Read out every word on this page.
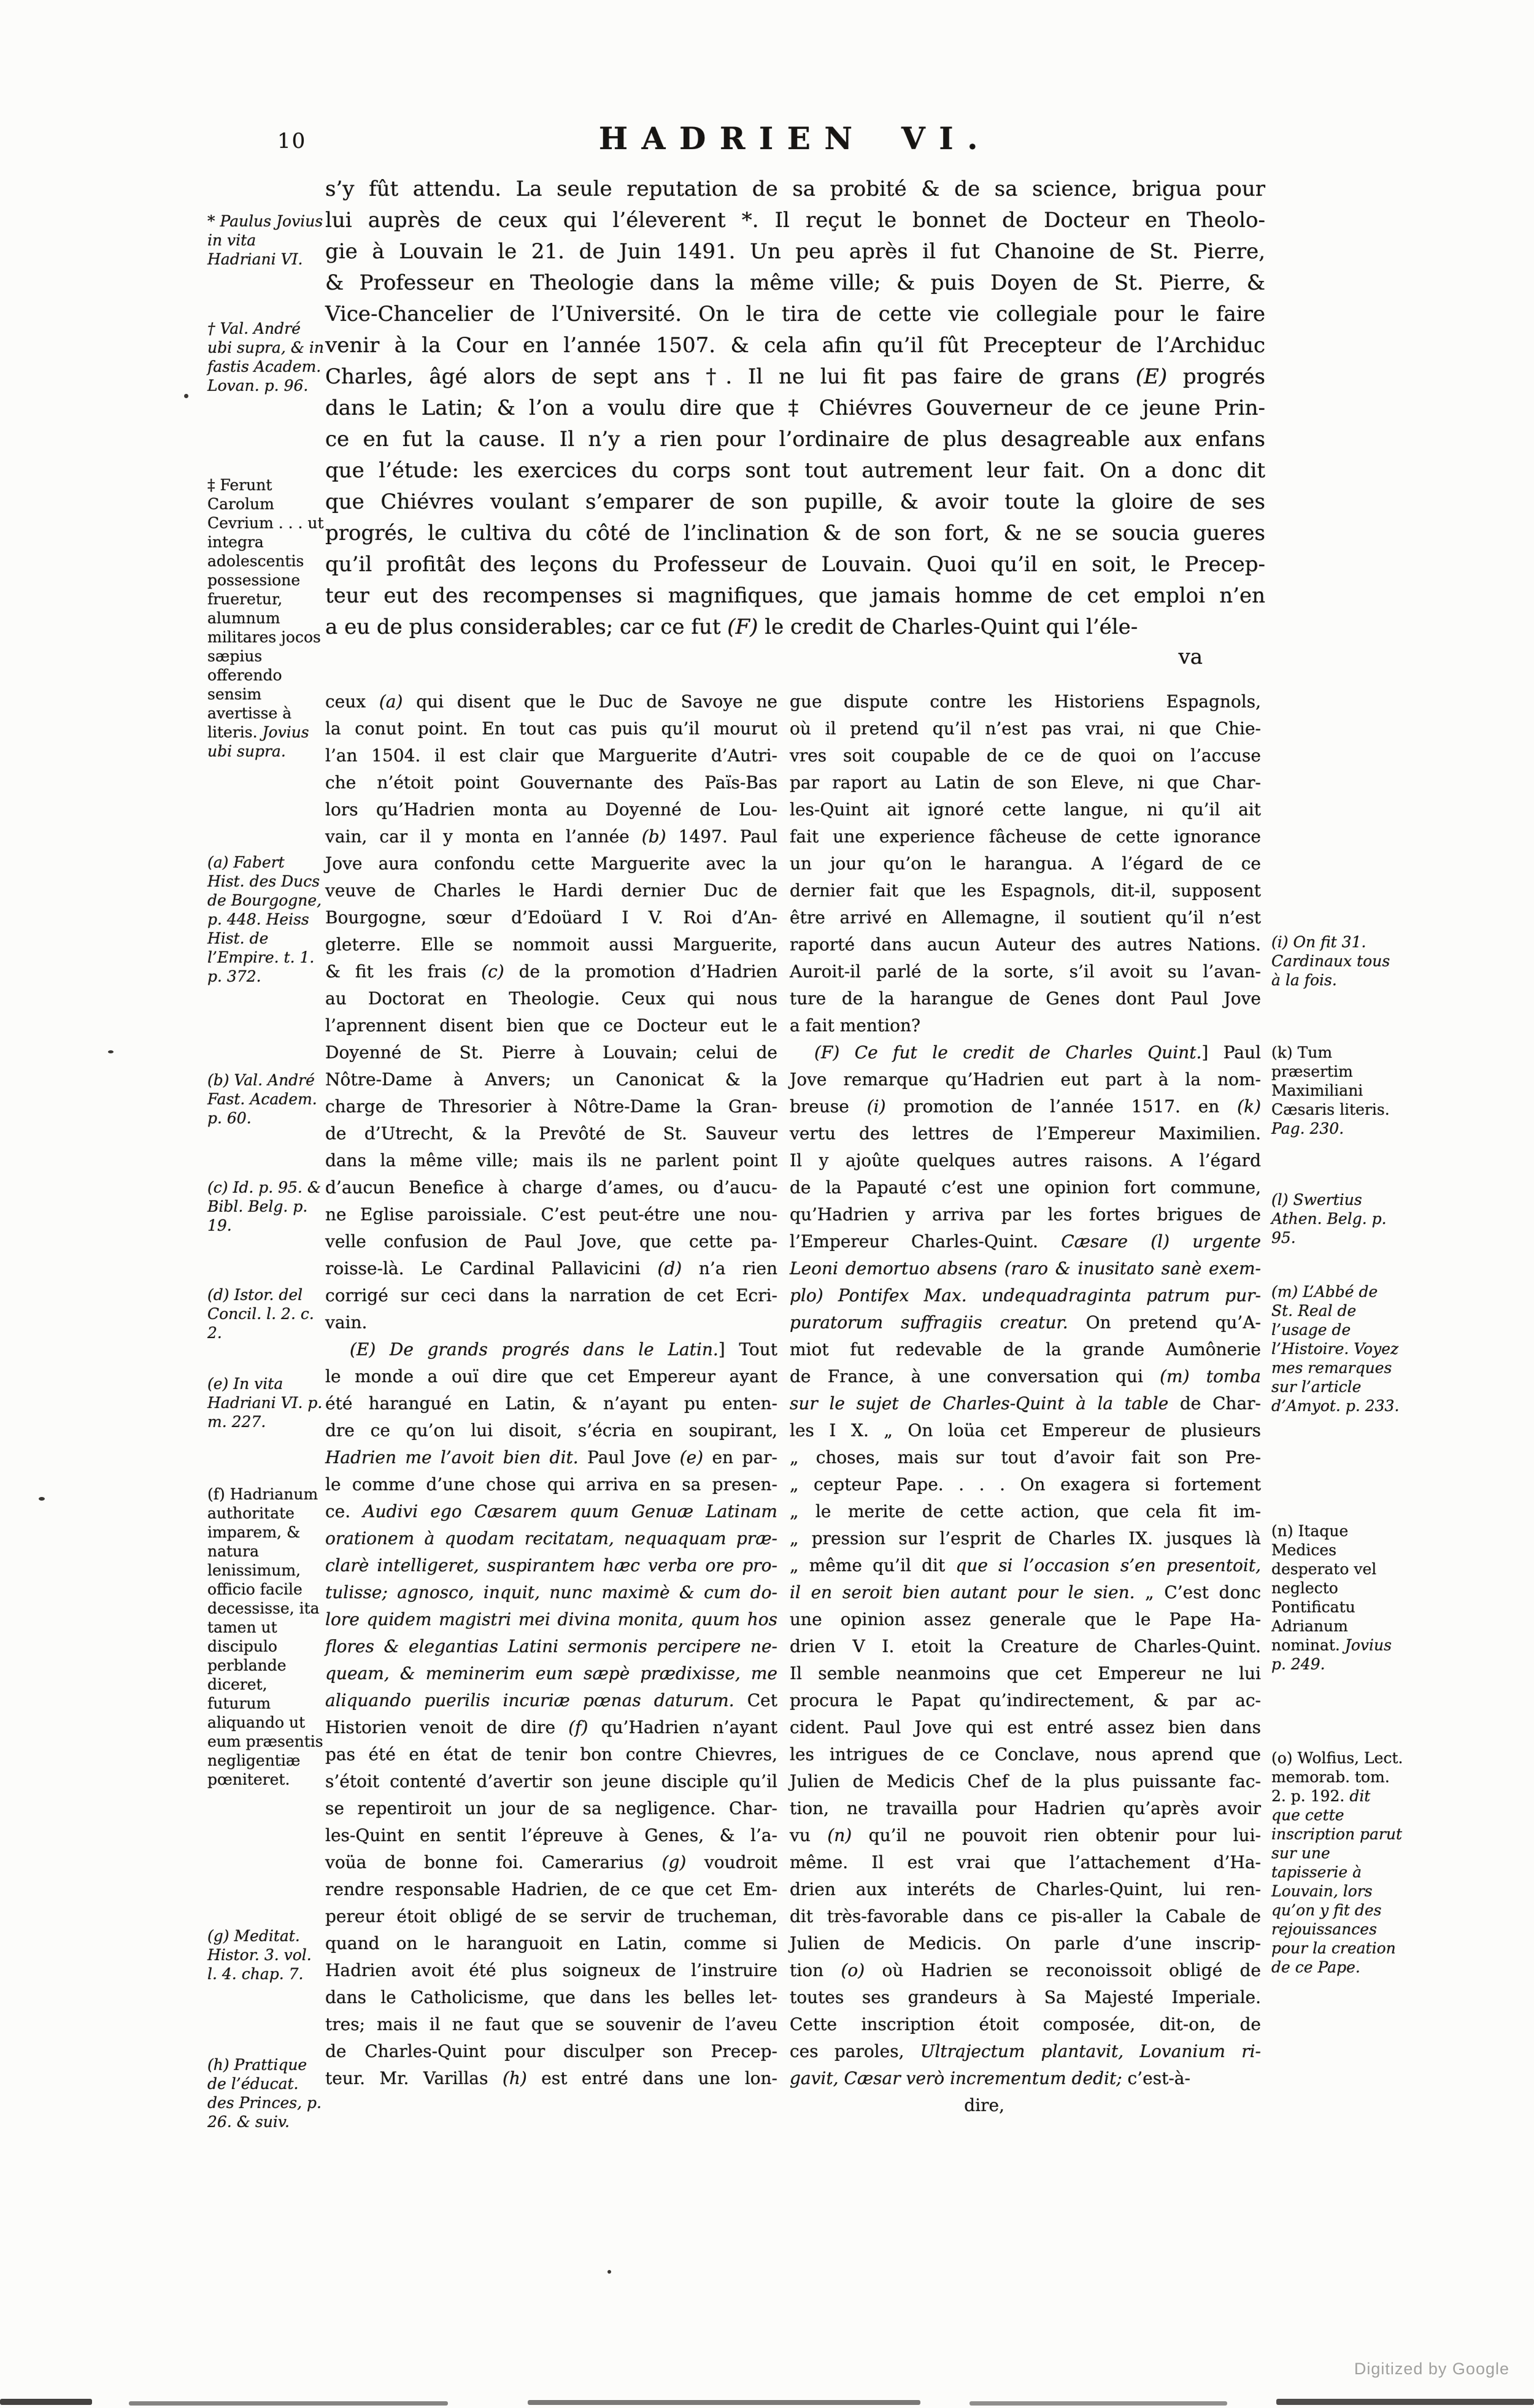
10	HADRIEN VI.
s’y fût attendu. La seule reputation de sa probité & de sa science, brigua pour
lui auprès de ceux qui l’éleverent *. Il reçut le bonnet de Docteur en Theolo-
gie à Louvain le 21. de Juin 1491. Un peu après il fut Chanoine de St. Pierre,
& Professeur en Theologie dans la même ville; & puis Doyen de St. Pierre, &
Vice-Chancelier de l’Université. On le tira de cette vie collegiale pour le faire
venir à la Cour en l’année 1507. & cela afin qu’il fût Precepteur de l’Archiduc
Charles, âgé alors de sept ans †. Il ne lui fit pas faire de grans (E) progrés
dans le Latin; & l’on a voulu dire que ‡ Chiévres Gouverneur de ce jeune Prin-
ce en fut la cause. Il n’y a rien pour l’ordinaire de plus desagreable aux enfans
que l’étude: les exercices du corps sont tout autrement leur fait. On a donc dit
que Chiévres voulant s’emparer de son pupille, & avoir toute la gloire de ses
progrés, le cultiva du côté de l’inclination & de son fort, & ne se soucia gueres
qu’il profitât des leçons du Professeur de Louvain. Quoi qu’il en soit, le Precep-
teur eut des recompenses si magnifiques, que jamais homme de cet emploi n’en
a eu de plus considerables; car ce fut (F) le credit de Charles-Quint qui l’éle-
va
* Paulus Jovius in vita Hadriani VI.
† Val. André ubi supra, & in fastis Academ. Lovan. p. 96.
‡ Ferunt Carolum Cevrium . . . ut integra adolescentis possessione frueretur, alumnum militares jocos sæpius offerendo sensim avertisse à literis. Jovius ubi supra.
(a) Fabert Hist. des Ducs de Bourgogne, p. 448. Heiss Hist. de l’Empire. t. 1. p. 372.
(b) Val. André Fast. Academ. p. 60.
(c) Id. p. 95. & Bibl. Belg. p. 19.
(d) Istor. del Concil. l. 2. c. 2.
(e) In vita Hadriani VI. p. m. 227.
(f) Hadrianum authoritate imparem, & natura lenissimum, officio facile decessisse, ita tamen ut discipulo perblande diceret, futurum aliquando ut eum præsentis negligentiæ pœniteret.
(g) Meditat. Histor. 3. vol. l. 4. chap. 7.
(h) Prattique de l’éducat. des Princes, p. 26. & suiv.
ceux (a) qui disent que le Duc de Savoye ne
la conut point. En tout cas puis qu’il mourut
l’an 1504. il est clair que Marguerite d’Autri-
che n’étoit point Gouvernante des Païs-Bas
lors qu’Hadrien monta au Doyenné de Lou-
vain, car il y monta en l’année (b) 1497. Paul
Jove aura confondu cette Marguerite avec la
veuve de Charles le Hardi dernier Duc de
Bourgogne, sœur d’Edoüard I V. Roi d’An-
gleterre. Elle se nommoit aussi Marguerite,
& fit les frais (c) de la promotion d’Hadrien
au Doctorat en Theologie. Ceux qui nous
l’aprennent disent bien que ce Docteur eut le
Doyenné de St. Pierre à Louvain; celui de
Nôtre-Dame à Anvers; un Canonicat & la
charge de Thresorier à Nôtre-Dame la Gran-
de d’Utrecht, & la Prevôté de St. Sauveur
dans la même ville; mais ils ne parlent point
d’aucun Benefice à charge d’ames, ou d’aucu-
ne Eglise paroissiale. C’est peut-étre une nou-
velle confusion de Paul Jove, que cette pa-
roisse-là. Le Cardinal Pallavicini (d) n’a rien
corrigé sur ceci dans la narration de cet Ecri-
vain.
(E) De grands progrés dans le Latin.] Tout
le monde a ouï dire que cet Empereur ayant
été harangué en Latin, & n’ayant pu enten-
dre ce qu’on lui disoit, s’écria en soupirant,
Hadrien me l’avoit bien dit. Paul Jove (e) en par-
le comme d’une chose qui arriva en sa presen-
ce. Audivi ego Cæsarem quum Genuæ Latinam
orationem à quodam recitatam, nequaquam præ-
clarè intelligeret, suspirantem hæc verba ore pro-
tulisse; agnosco, inquit, nunc maximè & cum do-
lore quidem magistri mei divina monita, quum hos
flores & elegantias Latini sermonis percipere ne-
queam, & meminerim eum sæpè prædixisse, me
aliquando puerilis incuriæ pœnas daturum. Cet
Historien venoit de dire (f) qu’Hadrien n’ayant
pas été en état de tenir bon contre Chievres,
s’étoit contenté d’avertir son jeune disciple qu’il
se repentiroit un jour de sa negligence. Char-
les-Quint en sentit l’épreuve à Genes, & l’a-
voüa de bonne foi. Camerarius (g) voudroit
rendre responsable Hadrien, de ce que cet Em-
pereur étoit obligé de se servir de trucheman,
quand on le haranguoit en Latin, comme si
Hadrien avoit été plus soigneux de l’instruire
dans le Catholicisme, que dans les belles let-
tres; mais il ne faut que se souvenir de l’aveu
de Charles-Quint pour disculper son Precep-
teur. Mr. Varillas (h) est entré dans une lon-
gue dispute contre les Historiens Espagnols,
où il pretend qu’il n’est pas vrai, ni que Chie-
vres soit coupable de ce de quoi on l’accuse
par raport au Latin de son Eleve, ni que Char-
les-Quint ait ignoré cette langue, ni qu’il ait
fait une experience fâcheuse de cette ignorance
un jour qu’on le harangua. A l’égard de ce
dernier fait que les Espagnols, dit-il, supposent
être arrivé en Allemagne, il soutient qu’il n’est
raporté dans aucun Auteur des autres Nations.
Auroit-il parlé de la sorte, s’il avoit su l’avan-
ture de la harangue de Genes dont Paul Jove
a fait mention?
(F) Ce fut le credit de Charles Quint.] Paul
Jove remarque qu’Hadrien eut part à la nom-
breuse (i) promotion de l’année 1517. en (k)
vertu des lettres de l’Empereur Maximilien.
Il y ajoûte quelques autres raisons. A l’égard
de la Papauté c’est une opinion fort commune,
qu’Hadrien y arriva par les fortes brigues de
l’Empereur Charles-Quint. Cæsare (l) urgente
Leoni demortuo absens (raro & inusitato sanè exem-
plo) Pontifex Max. undequadraginta patrum pur-
puratorum suffragiis creatur. On pretend qu’A-
miot fut redevable de la grande Aumônerie
de France, à une conversation qui (m) tomba
sur le sujet de Charles-Quint à la table de Char-
les I X. „ On loüa cet Empereur de plusieurs
„ choses, mais sur tout d’avoir fait son Pre-
„ cepteur Pape. . . . On exagera si fortement
„ le merite de cette action, que cela fit im-
„ pression sur l’esprit de Charles IX. jusques là
„ même qu’il dit que si l’occasion s’en presentoit,
il en seroit bien autant pour le sien. „ C’est donc
une opinion assez generale que le Pape Ha-
drien V I. etoit la Creature de Charles-Quint.
Il semble neanmoins que cet Empereur ne lui
procura le Papat qu’indirectement, & par ac-
cident. Paul Jove qui est entré assez bien dans
les intrigues de ce Conclave, nous aprend que
Julien de Medicis Chef de la plus puissante fac-
tion, ne travailla pour Hadrien qu’après avoir
vu (n) qu’il ne pouvoit rien obtenir pour lui-
même. Il est vrai que l’attachement d’Ha-
drien aux interéts de Charles-Quint, lui ren-
dit très-favorable dans ce pis-aller la Cabale de
Julien de Medicis. On parle d’une inscrip-
tion (o) où Hadrien se reconoissoit obligé de
toutes ses grandeurs à Sa Majesté Imperiale.
Cette inscription étoit composée, dit-on, de
ces paroles, Ultrajectum plantavit, Lovanium ri-
gavit, Cæsar verò incrementum dedit; c’est-à-
(i) On fit 31. Cardinaux tous à la fois.
(k) Tum præsertim Maximiliani Cæsaris literis. Pag. 230.
(l) Swertius Athen. Belg. p. 95.
(m) L’Abbé de St. Real de l’usage de l’Histoire. Voyez mes remarques sur l’article d’Amyot. p. 233.
(n) Itaque Medices desperato vel neglecto Pontificatu Adrianum nominat. Jovius p. 249.
(o) Wolfius, Lect. memorab. tom. 2. p. 192. dit que cette inscription parut sur une tapisserie à Louvain, lors qu’on y fit des rejouissances pour la creation de ce Pape.
dire,
Digitized by Google
